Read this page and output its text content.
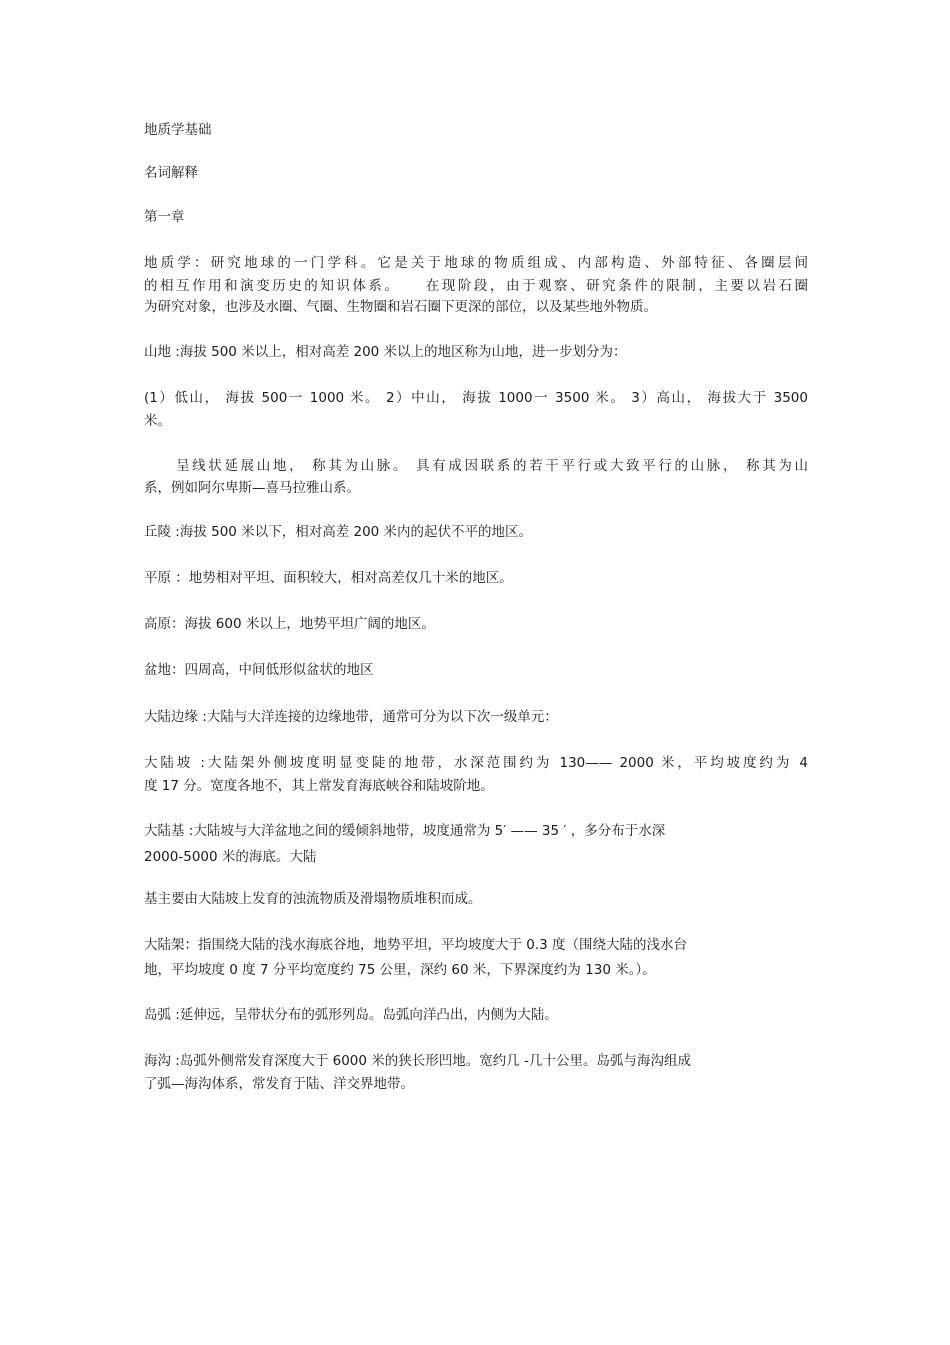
地质学基础

名词解释

第一章

地质学：研究地球的一门学科。它是关于地球的物质组成、内部构造、外部特征、各圈层间

的相互作用和演变历史的知识体系。　　在现阶段，由于观察、研究条件的限制，主要以岩石圈

为研究对象，也涉及水圈、气圈、生物圈和岩石圈下更深的部位，以及某些地外物质。

山地 :海拔 500 米以上，相对高差 200 米以上的地区称为山地，进一步划分为：

(1）低山， 海拔 500一 1000 米。 2）中山， 海拔 1000一 3500 米。 3）高山， 海拔大于 3500

米。

呈线状延展山地， 称其为山脉。 具有成因联系的若干平行或大致平行的山脉， 称其为山

系，例如阿尔卑斯—喜马拉雅山系。

丘陵 :海拔 500 米以下，相对高差 200 米内的起伏不平的地区。

平原 ：地势相对平坦、面积较大，相对高差仅几十米的地区。

高原：海拔 600 米以上，地势平坦广阔的地区。

盆地：四周高，中间低形似盆状的地区

大陆边缘 :大陆与大洋连接的边缘地带，通常可分为以下次一级单元：

大陆坡 :大陆架外侧坡度明显变陡的地带，水深范围约为 130—— 2000 米，平均坡度约为 4

度 17 分。宽度各地不，其上常发育海底峡谷和陆坡阶地。

大陆基 :大陆坡与大洋盆地之间的缓倾斜地带，坡度通常为 5′ —— 35 ′ ，多分布于水深

2000-5000 米的海底。大陆

基主要由大陆坡上发育的浊流物质及滑塌物质堆积而成。

大陆架：指围绕大陆的浅水海底谷地，地势平坦，平均坡度大于 0.3 度（围绕大陆的浅水台

地，平均坡度 0 度 7 分平均宽度约 75 公里，深约 60 米，下界深度约为 130 米。）。

岛弧 :延伸远，呈带状分布的弧形列岛。岛弧向洋凸出，内侧为大陆。

海沟 :岛弧外侧常发育深度大于 6000 米的狭长形凹地。宽约几 -几十公里。岛弧与海沟组成

了弧—海沟体系，常发育于陆、洋交界地带。
